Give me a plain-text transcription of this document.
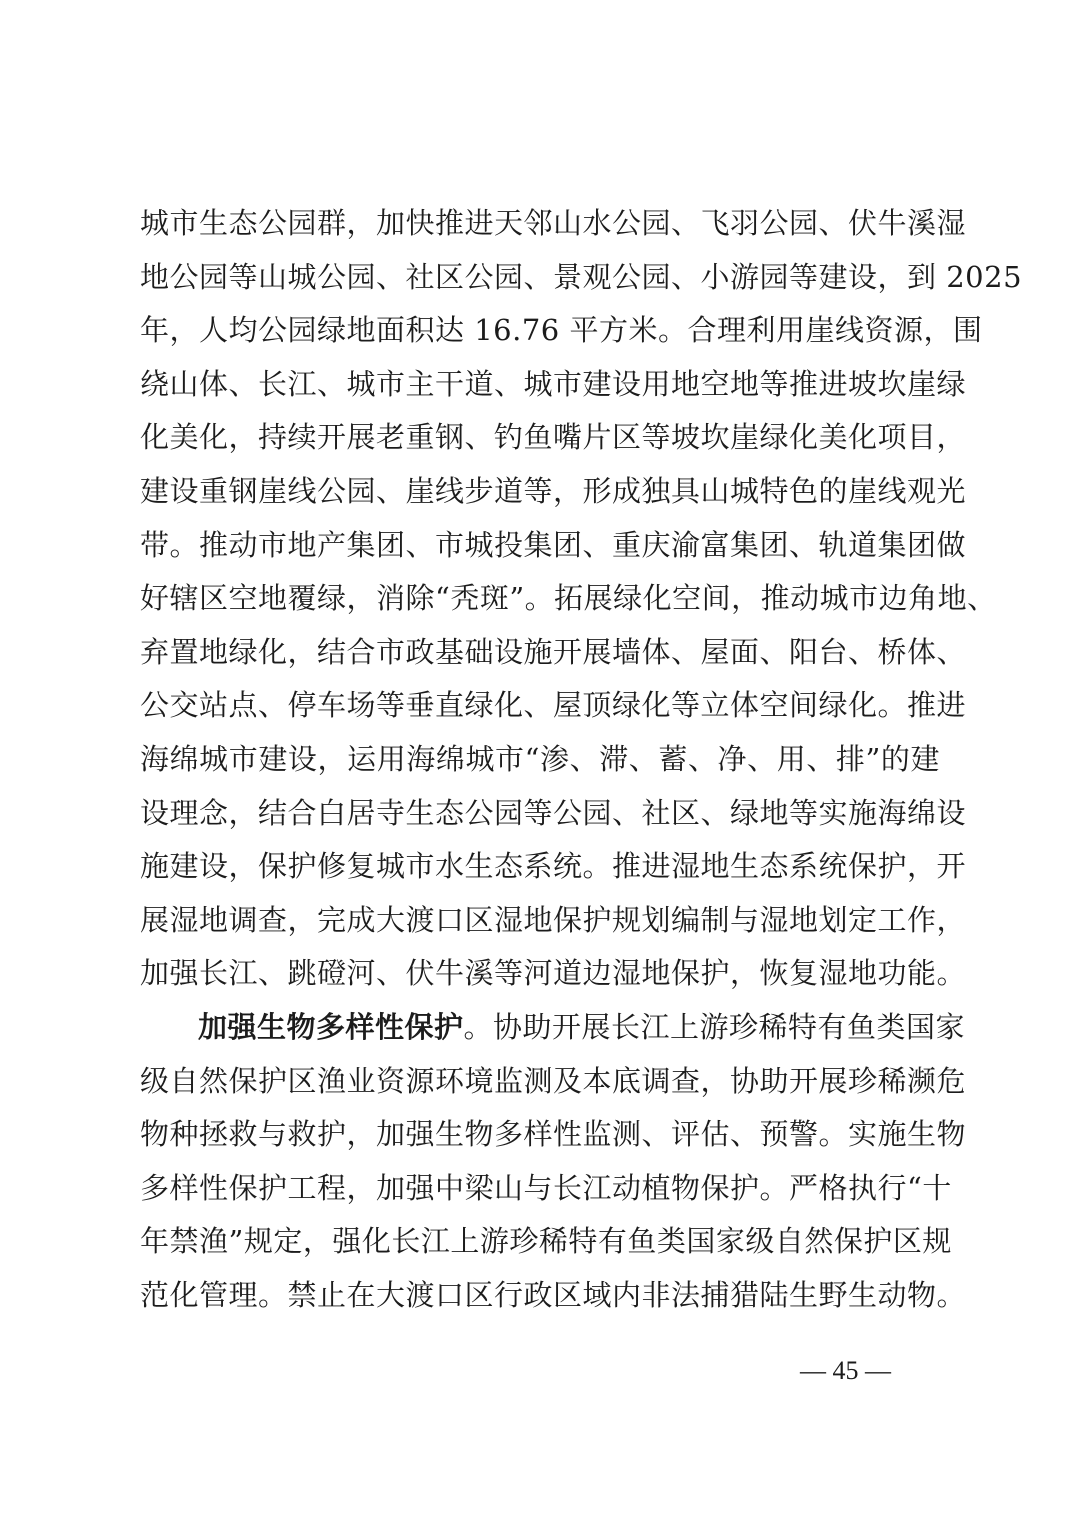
城市生态公园群，加快推进天邻山水公园、飞羽公园、伏牛溪湿
地公园等山城公园、社区公园、景观公园、小游园等建设，到 2025
年，人均公园绿地面积达 16.76 平方米。合理利用崖线资源，围
绕山体、长江、城市主干道、城市建设用地空地等推进坡坎崖绿
化美化，持续开展老重钢、钓鱼嘴片区等坡坎崖绿化美化项目，
建设重钢崖线公园、崖线步道等，形成独具山城特色的崖线观光
带。推动市地产集团、市城投集团、重庆渝富集团、轨道集团做
好辖区空地覆绿，消除“秃斑”。拓展绿化空间，推动城市边角地、
弃置地绿化，结合市政基础设施开展墙体、屋面、阳台、桥体、
公交站点、停车场等垂直绿化、屋顶绿化等立体空间绿化。推进
海绵城市建设，运用海绵城市“渗、滞、蓄、净、用、排”的建
设理念，结合白居寺生态公园等公园、社区、绿地等实施海绵设
施建设，保护修复城市水生态系统。推进湿地生态系统保护，开
展湿地调查，完成大渡口区湿地保护规划编制与湿地划定工作，
加强长江、跳磴河、伏牛溪等河道边湿地保护，恢复湿地功能。
加强生物多样性保护。协助开展长江上游珍稀特有鱼类国家
级自然保护区渔业资源环境监测及本底调查，协助开展珍稀濒危
物种拯救与救护，加强生物多样性监测、评估、预警。实施生物
多样性保护工程，加强中梁山与长江动植物保护。严格执行“十
年禁渔”规定，强化长江上游珍稀特有鱼类国家级自然保护区规
范化管理。禁止在大渡口区行政区域内非法捕猎陆生野生动物。
— 45 —
